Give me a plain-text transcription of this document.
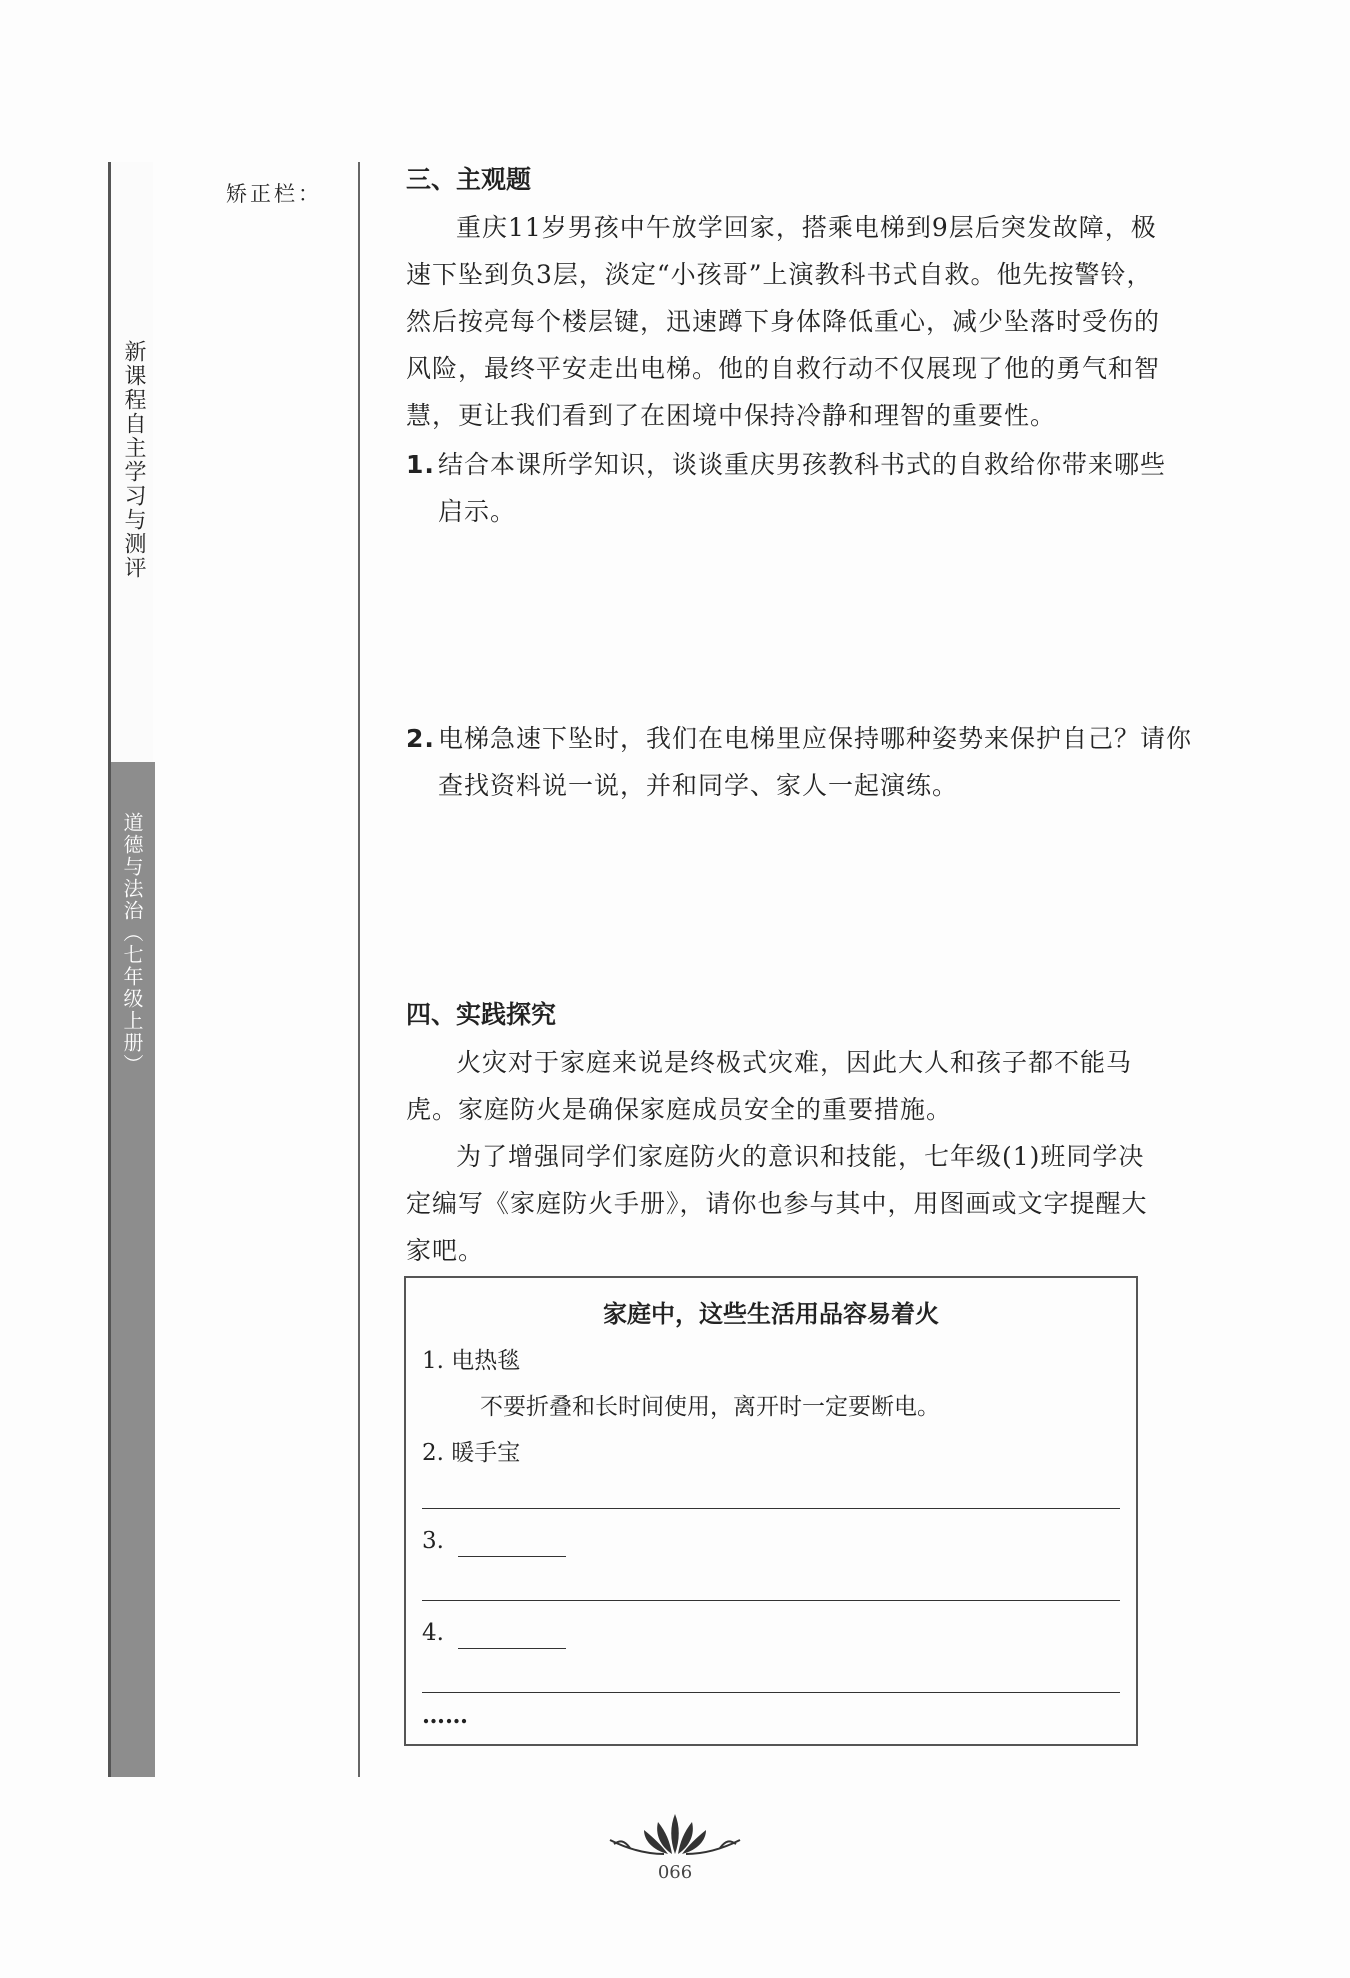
新课程自主学习与测评
道德与法治（七年级上册）
矫正栏：	三、主观题

重庆11岁男孩中午放学回家，搭乘电梯到9层后突发故障，极速下坠到负3层，淡定“小孩哥”上演教科书式自救。他先按警铃，然后按亮每个楼层键，迅速蹲下身体降低重心，减少坠落时受伤的风险，最终平安走出电梯。他的自救行动不仅展现了他的勇气和智慧，更让我们看到了在困境中保持冷静和理智的重要性。

1. 结合本课所学知识，谈谈重庆男孩教科书式的自救给你带来哪些启示。
2. 电梯急速下坠时，我们在电梯里应保持哪种姿势来保护自己？请你查找资料说一说，并和同学、家人一起演练。
四、实践探究

火灾对于家庭来说是终极式灾难，因此大人和孩子都不能马虎。家庭防火是确保家庭成员安全的重要措施。

为了增强同学们家庭防火的意识和技能，七年级(1)班同学决定编写《家庭防火手册》，请你也参与其中，用图画或文字提醒大家吧。

家庭中，这些生活用品容易着火
1. 电热毯
不要折叠和长时间使用，离开时一定要断电。
2. 暖手宝
3.
4.
……
066
